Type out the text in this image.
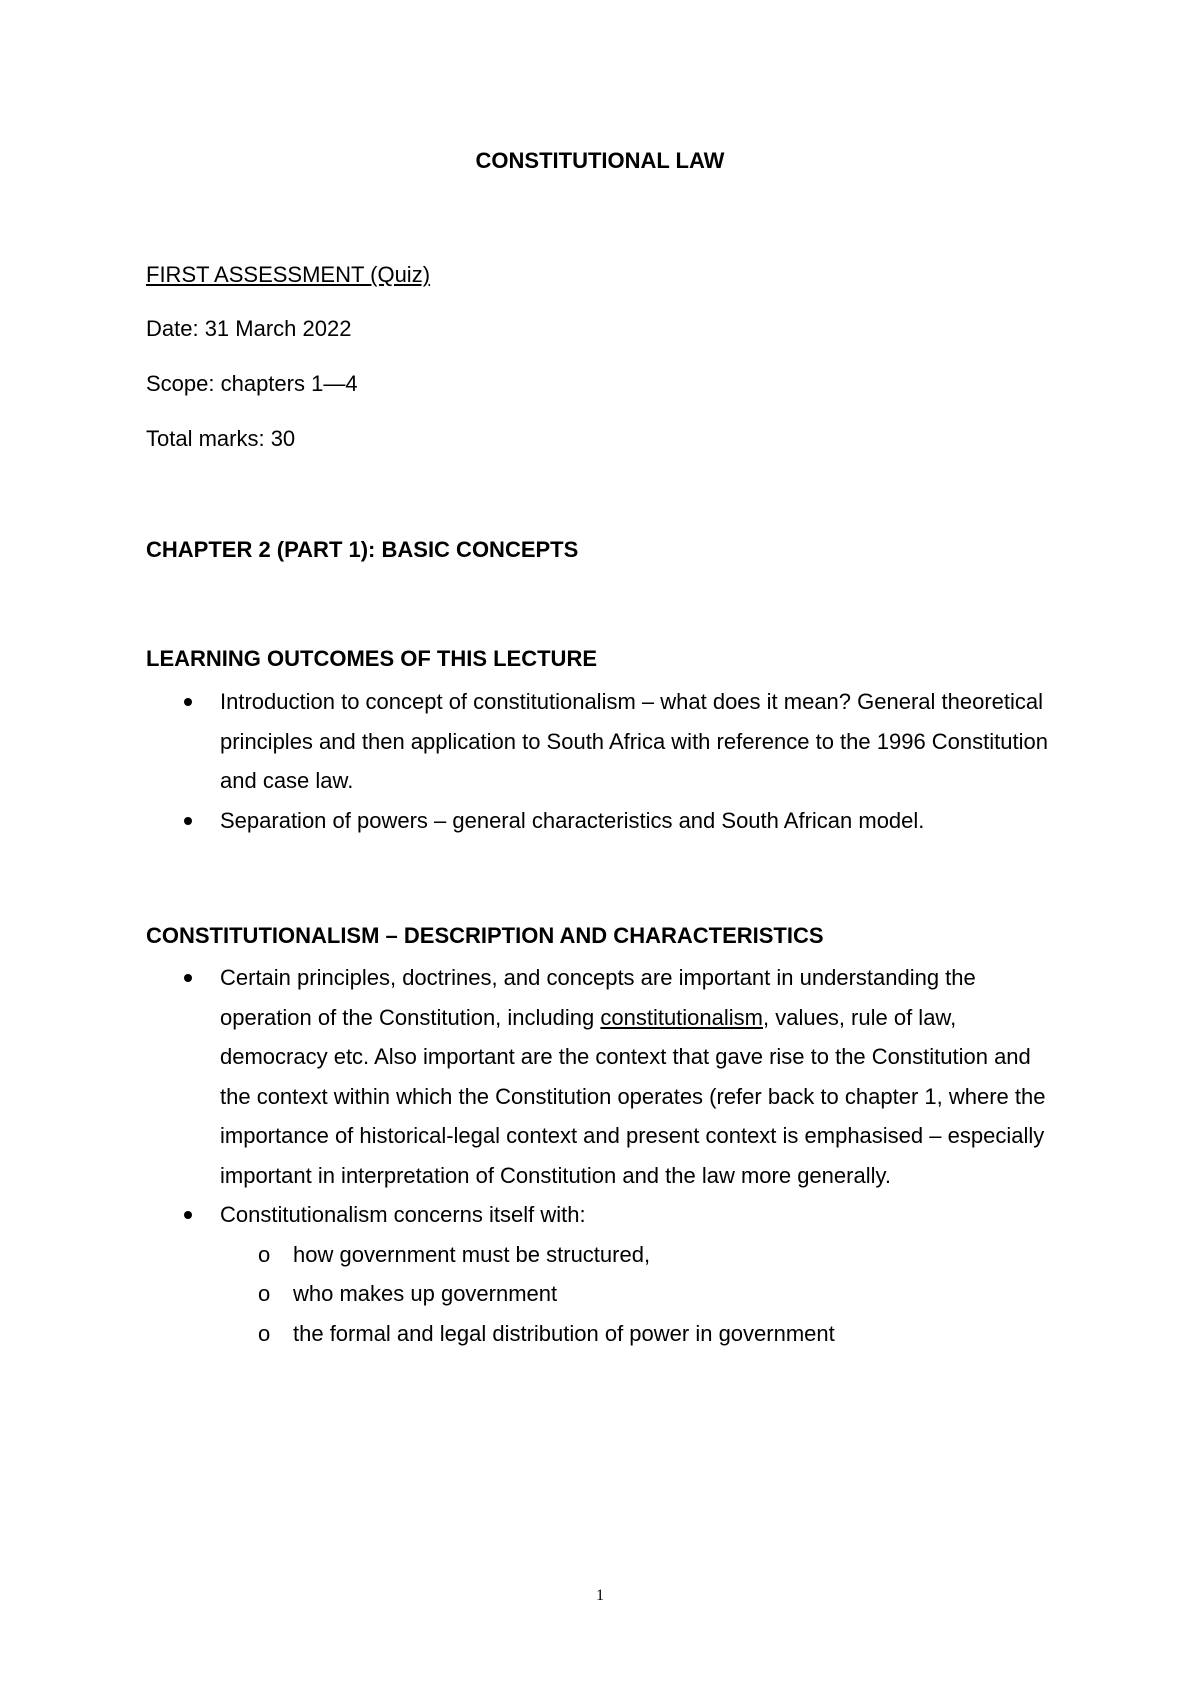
CONSTITUTIONAL LAW
FIRST ASSESSMENT (Quiz)
Date: 31 March 2022
Scope: chapters 1—4
Total marks: 30
CHAPTER 2 (PART 1): BASIC CONCEPTS
LEARNING OUTCOMES OF THIS LECTURE
Introduction to concept of constitutionalism – what does it mean? General theoretical principles and then application to South Africa with reference to the 1996 Constitution and case law.
Separation of powers – general characteristics and South African model.
CONSTITUTIONALISM – DESCRIPTION AND CHARACTERISTICS
Certain principles, doctrines, and concepts are important in understanding the operation of the Constitution, including constitutionalism, values, rule of law, democracy etc. Also important are the context that gave rise to the Constitution and the context within which the Constitution operates (refer back to chapter 1, where the importance of historical-legal context and present context is emphasised – especially important in interpretation of Constitution and the law more generally.
Constitutionalism concerns itself with:
o how government must be structured,
o who makes up government
o the formal and legal distribution of power in government
1
